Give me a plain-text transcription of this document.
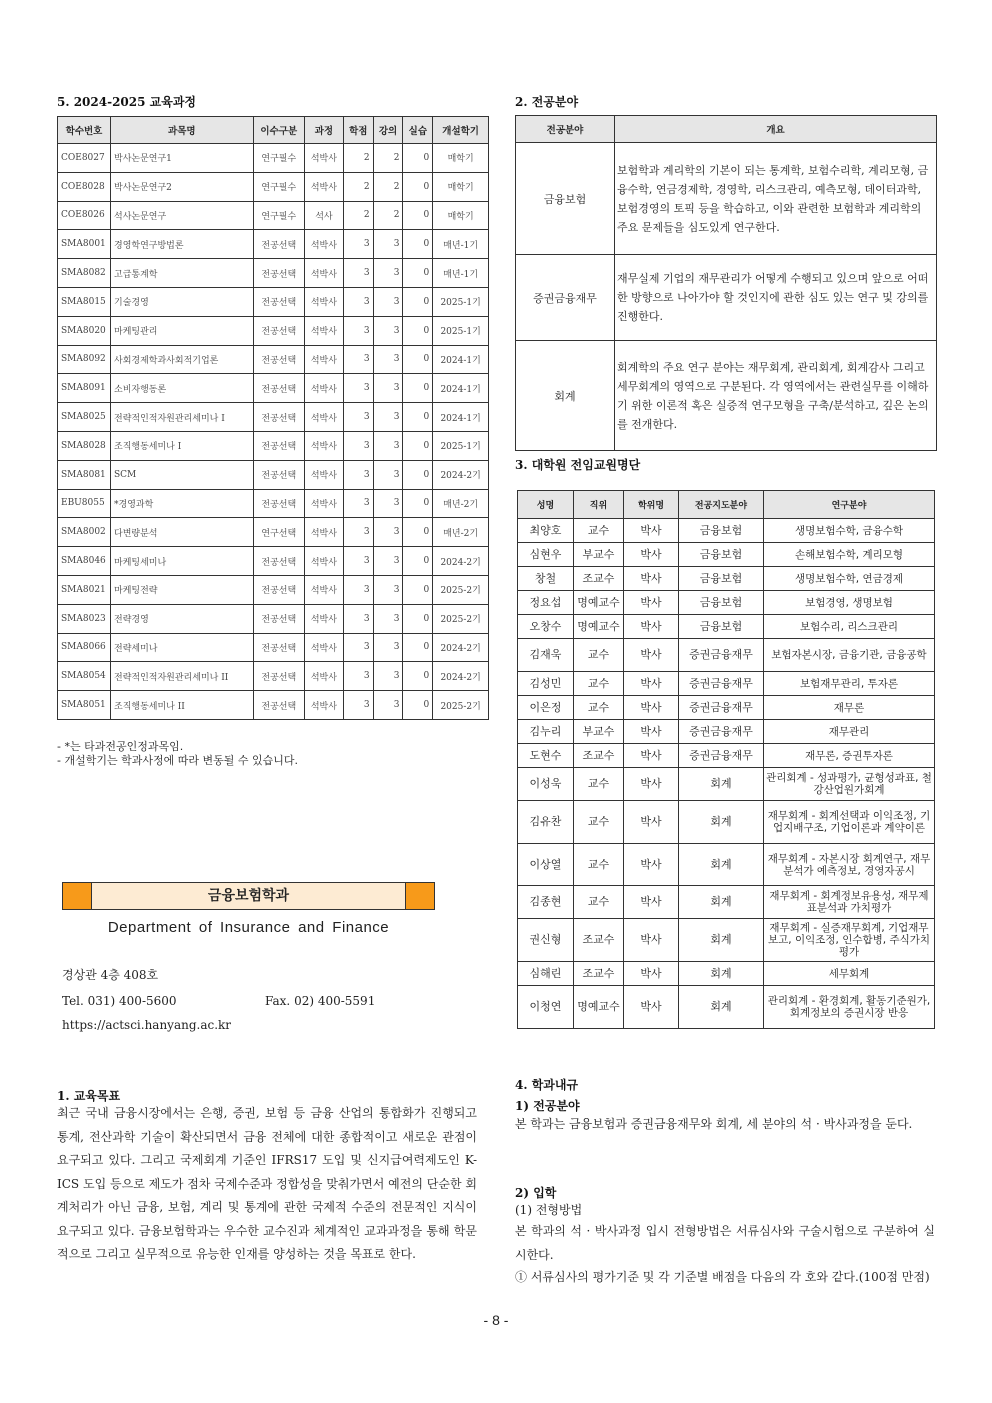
5. 2024-2025 교육과정
학수번호	과목명	이수구분	과정	학점	강의	실습	개설학기
COE8027	박사논문연구1	연구필수	석박사	2	2	0	매학기
COE8028	박사논문연구2	연구필수	석박사	2	2	0	매학기
COE8026	석사논문연구	연구필수	석사	2	2	0	매학기
SMA8001	경영학연구방법론	전공선택	석박사	3	3	0	매년-1기
SMA8082	고급통계학	전공선택	석박사	3	3	0	매년-1기
SMA8015	기술경영	전공선택	석박사	3	3	0	2025-1기
SMA8020	마케팅관리	전공선택	석박사	3	3	0	2025-1기
SMA8092	사회경제학과사회적기업론	전공선택	석박사	3	3	0	2024-1기
SMA8091	소비자행동론	전공선택	석박사	3	3	0	2024-1기
SMA8025	전략적인적자원관리세미나 I	전공선택	석박사	3	3	0	2024-1기
SMA8028	조직행동세미나 I	전공선택	석박사	3	3	0	2025-1기
SMA8081	SCM	전공선택	석박사	3	3	0	2024-2기
EBU8055	*경영과학	전공선택	석박사	3	3	0	매년-2기
SMA8002	다변량분석	연구선택	석박사	3	3	0	매년-2기
SMA8046	마케팅세미나	전공선택	석박사	3	3	0	2024-2기
SMA8021	마케팅전략	전공선택	석박사	3	3	0	2025-2기
SMA8023	전략경영	전공선택	석박사	3	3	0	2025-2기
SMA8066	전략세미나	전공선택	석박사	3	3	0	2024-2기
SMA8054	전략적인적자원관리세미나 II	전공선택	석박사	3	3	0	2024-2기
SMA8051	조직행동세미나 II	전공선택	석박사	3	3	0	2025-2기
- *는 타과전공인정과목임.
- 개설학기는 학과사정에 따라 변동될 수 있습니다.
금융보험학과
Department of Insurance and Finance
경상관 4층 408호
Tel. 031) 400-5600	Fax. 02) 400-5591
https://actsci.hanyang.ac.kr
1. 교육목표
최근 국내 금융시장에서는 은행, 증권, 보험 등 금융 산업의 통합화가 진행되고 통계, 전산과학 기술이 확산되면서 금융 전체에 대한 종합적이고 새로운 관점이 요구되고 있다. 그리고 국제회계 기준인 IFRS17 도입 및 신지급여력제도인 K-ICS 도입 등으로 제도가 점차 국제수준과 정합성을 맞춰가면서 예전의 단순한 회계처리가 아닌 금융, 보험, 계리 및 통계에 관한 국제적 수준의 전문적인 지식이 요구되고 있다. 금융보험학과는 우수한 교수진과 체계적인 교과과정을 통해 학문적으로 그리고 실무적으로 유능한 인재를 양성하는 것을 목표로 한다.
2. 전공분야
전공분야	개요
금융보험	보험학과 계리학의 기본이 되는 통계학, 보험수리학, 계리모형, 금융수학, 연금경제학, 경영학, 리스크관리, 예측모형, 데이터과학, 보험경영의 토픽 등을 학습하고, 이와 관련한 보험학과 계리학의 주요 문제들을 심도있게 연구한다.
증권금융재무	재무실제 기업의 재무관리가 어떻게 수행되고 있으며 앞으로 어떠한 방향으로 나아가야 할 것인지에 관한 심도 있는 연구 및 강의를 진행한다.
회계	회계학의 주요 연구 분야는 재무회계, 관리회계, 회계감사 그리고 세무회계의 영역으로 구분된다. 각 영역에서는 관련실무를 이해하기 위한 이론적 혹은 실증적 연구모형을 구축/분석하고, 깊은 논의를 전개한다.
3. 대학원 전임교원명단
성명	직위	학위명	전공지도분야	연구분야
최양호	교수	박사	금융보험	생명보험수학, 금융수학
심현우	부교수	박사	금융보험	손해보험수학, 계리모형
창철	조교수	박사	금융보험	생명보험수학, 연금경제
정요섭	명예교수	박사	금융보험	보험경영, 생명보험
오창수	명예교수	박사	금융보험	보험수리, 리스크관리
김재욱	교수	박사	증권금융재무	보험자본시장, 금융기관, 금융공학
김성민	교수	박사	증권금융재무	보험재무관리, 투자론
이은정	교수	박사	증권금융재무	재무론
김누리	부교수	박사	증권금융재무	재무관리
도현수	조교수	박사	증권금융재무	재무론, 증권투자론
이성욱	교수	박사	회계	관리회계 - 성과평가, 균형성과표, 철강산업원가회계
김유찬	교수	박사	회계	재무회계 - 회계선택과 이익조정, 기업지배구조, 기업이론과 계약이론
이상열	교수	박사	회계	재무회계 - 자본시장 회계연구, 재무분석가 예측정보, 경영자공시
김종현	교수	박사	회계	재무회계 - 회계정보유용성, 재무제표분석과 가치평가
권신형	조교수	박사	회계	재무회계 - 실증재무회계, 기업재무보고, 이익조정, 인수합병, 주식가치평가
심해린	조교수	박사	회계	세무회계
이청연	명예교수	박사	회계	관리회계 - 환경회계, 활동기준원가, 회계정보의 증권시장 반응
4. 학과내규
1) 전공분야
본 학과는 금융보험과 증권금융재무와 회계, 세 분야의 석 · 박사과정을 둔다.
2) 입학
(1) 전형방법
본 학과의 석 · 박사과정 입시 전형방법은 서류심사와 구술시험으로 구분하여 실시한다.
① 서류심사의 평가기준 및 각 기준별 배점을 다음의 각 호와 같다.(100점 만점)
- 8 -
